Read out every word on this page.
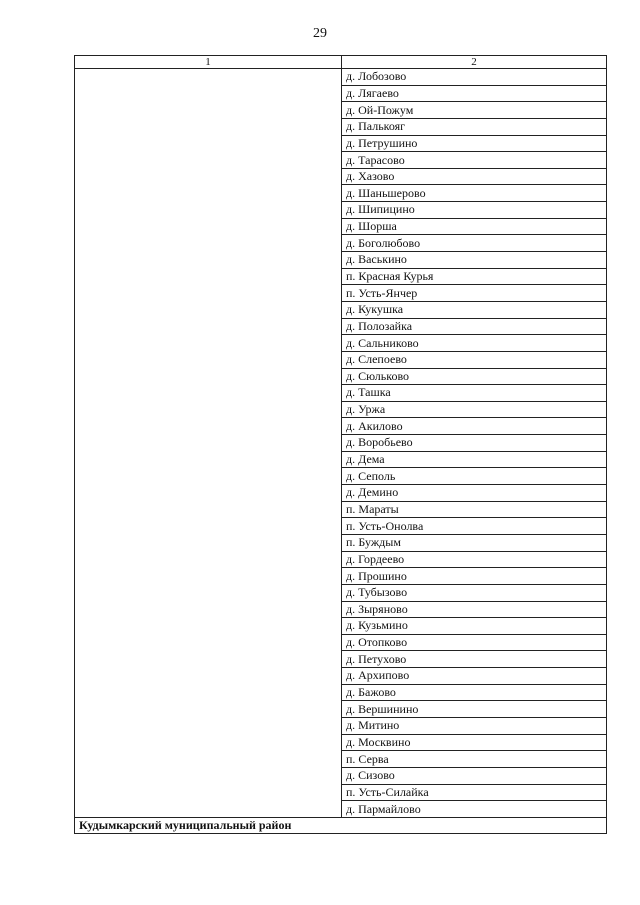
29
1	2
	д. Лобозово
	д. Лягаево
	д. Ой-Пожум
	д. Палькояг
	д. Петрушино
	д. Тарасово
	д. Хазово
	д. Шаньшерово
	д. Шипицино
	д. Шорша
	д. Боголюбово
	д. Васькино
	п. Красная Курья
	п. Усть-Янчер
	д. Кукушка
	д. Полозайка
	д. Сальниково
	д. Слепоево
	д. Сюльково
	д. Ташка
	д. Уржа
	д. Акилово
	д. Воробьево
	д. Дема
	д. Сеполь
	д. Демино
	п. Мараты
	п. Усть-Онолва
	п. Буждым
	д. Гордеево
	д. Прошино
	д. Тубызово
	д. Зыряново
	д. Кузьмино
	д. Отопково
	д. Петухово
	д. Архипово
	д. Бажово
	д. Вершинино
	д. Митино
	д. Москвино
	п. Серва
	д. Сизово
	п. Усть-Силайка
	д. Пармайлово
Кудымкарский муниципальный район	
